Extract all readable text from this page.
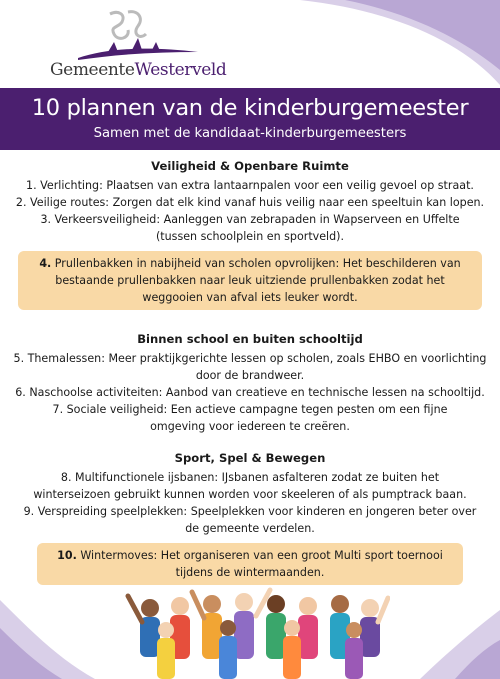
GemeenteWesterveld
10 plannen van de kinderburgemeester
Samen met de kandidaat-kinderburgemeesters
Veiligheid & Openbare Ruimte
1. Verlichting: Plaatsen van extra lantaarnpalen voor een veilig gevoel op straat.
2. Veilige routes: Zorgen dat elk kind vanaf huis veilig naar een speeltuin kan lopen.
3. Verkeersveiligheid: Aanleggen van zebrapaden in Wapserveen en Uffelte (tussen schoolplein en sportveld).
4. Prullenbakken in nabijheid van scholen opvrolijken: Het beschilderen van bestaande prullenbakken naar leuk uitziende prullenbakken zodat het weggooien van afval iets leuker wordt.
Binnen school en buiten schooltijd
5. Themalessen: Meer praktijkgerichte lessen op scholen, zoals EHBO en voorlichting door de brandweer.
6. Naschoolse activiteiten: Aanbod van creatieve en technische lessen na schooltijd.
7. Sociale veiligheid: Een actieve campagne tegen pesten om een fijne omgeving voor iedereen te creëren.
Sport, Spel & Bewegen
8. Multifunctionele ijsbanen: IJsbanen asfalteren zodat ze buiten het winterseizoen gebruikt kunnen worden voor skeeleren of als pumptrack baan.
9. Verspreiding speelplekken: Speelplekken voor kinderen en jongeren beter over de gemeente verdelen.
10. Wintermoves: Het organiseren van een groot Multi sport toernooi tijdens de wintermaanden.
